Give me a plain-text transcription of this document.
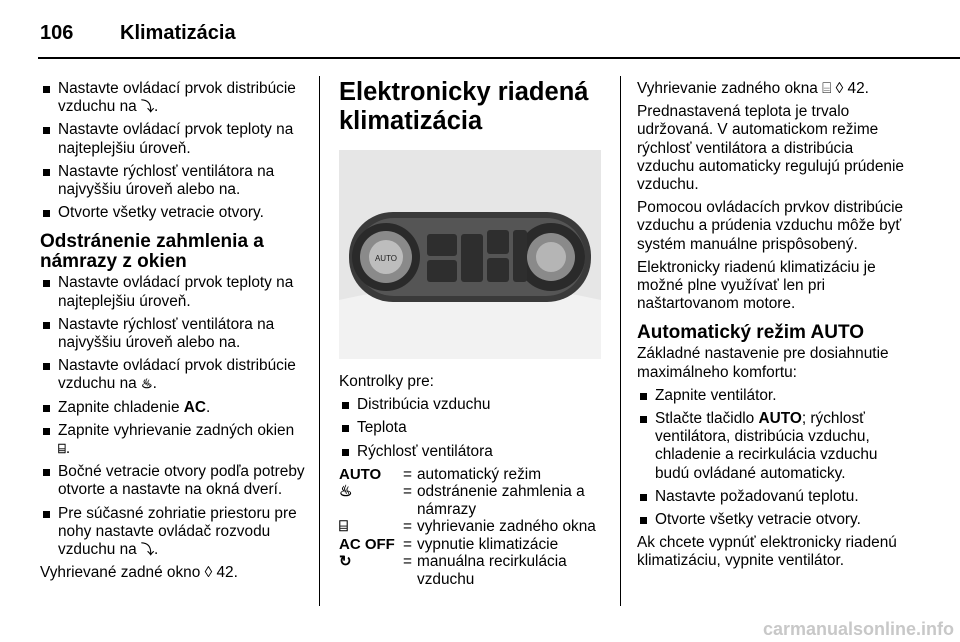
106 Klimatizácia
Nastavte ovládací prvok distribúcie vzduchu na ⤵.
Nastavte ovládací prvok teploty na najteplejšiu úroveň.
Nastavte rýchlosť ventilátora na najvyššiu úroveň alebo na.
Otvorte všetky vetracie otvory.
Odstránenie zahmlenia a námrazy z okien
Nastavte ovládací prvok teploty na najteplejšiu úroveň.
Nastavte rýchlosť ventilátora na najvyššiu úroveň alebo na.
Nastavte ovládací prvok distribúcie vzduchu na ♨.
Zapnite chladenie AC.
Zapnite vyhrievanie zadných okien ⌸.
Bočné vetracie otvory podľa potreby otvorte a nastavte na okná dverí.
Pre súčasné zohriatie priestoru pre nohy nastavte ovládač rozvodu vzduchu na ⤵.
Vyhrievané zadné okno ◊ 42.
Elektronicky riadená klimatizácia
AUTO
Kontrolky pre:
Distribúcia vzduchu
Teplota
Rýchlosť ventilátora
AUTO	= automatický režim
♨	= odstránenie zahmlenia a námrazy
⌸	= vyhrievanie zadného okna
AC OFF = vypnutie klimatizácie
↻	= manuálna recirkulácia vzduchu
Vyhrievanie zadného okna ⌸ ◊ 42.
Prednastavená teplota je trvalo udržovaná. V automatickom režime rýchlosť ventilátora a distribúcia vzduchu automaticky regulujú prúdenie vzduchu.
Pomocou ovládacích prvkov distribúcie vzduchu a prúdenia vzduchu môže byť systém manuálne prispôsobený.
Elektronicky riadenú klimatizáciu je možné plne využívať len pri naštartovanom motore.
Automatický režim AUTO
Základné nastavenie pre dosiahnutie maximálneho komfortu:
Zapnite ventilátor.
Stlačte tlačidlo AUTO; rýchlosť ventilátora, distribúcia vzduchu, chladenie a recirkulácia vzduchu budú ovládané automaticky.
Nastavte požadovanú teplotu.
Otvorte všetky vetracie otvory.
Ak chcete vypnúť elektronicky riadenú klimatizáciu, vypnite ventilátor.
carmanualsonline.info
